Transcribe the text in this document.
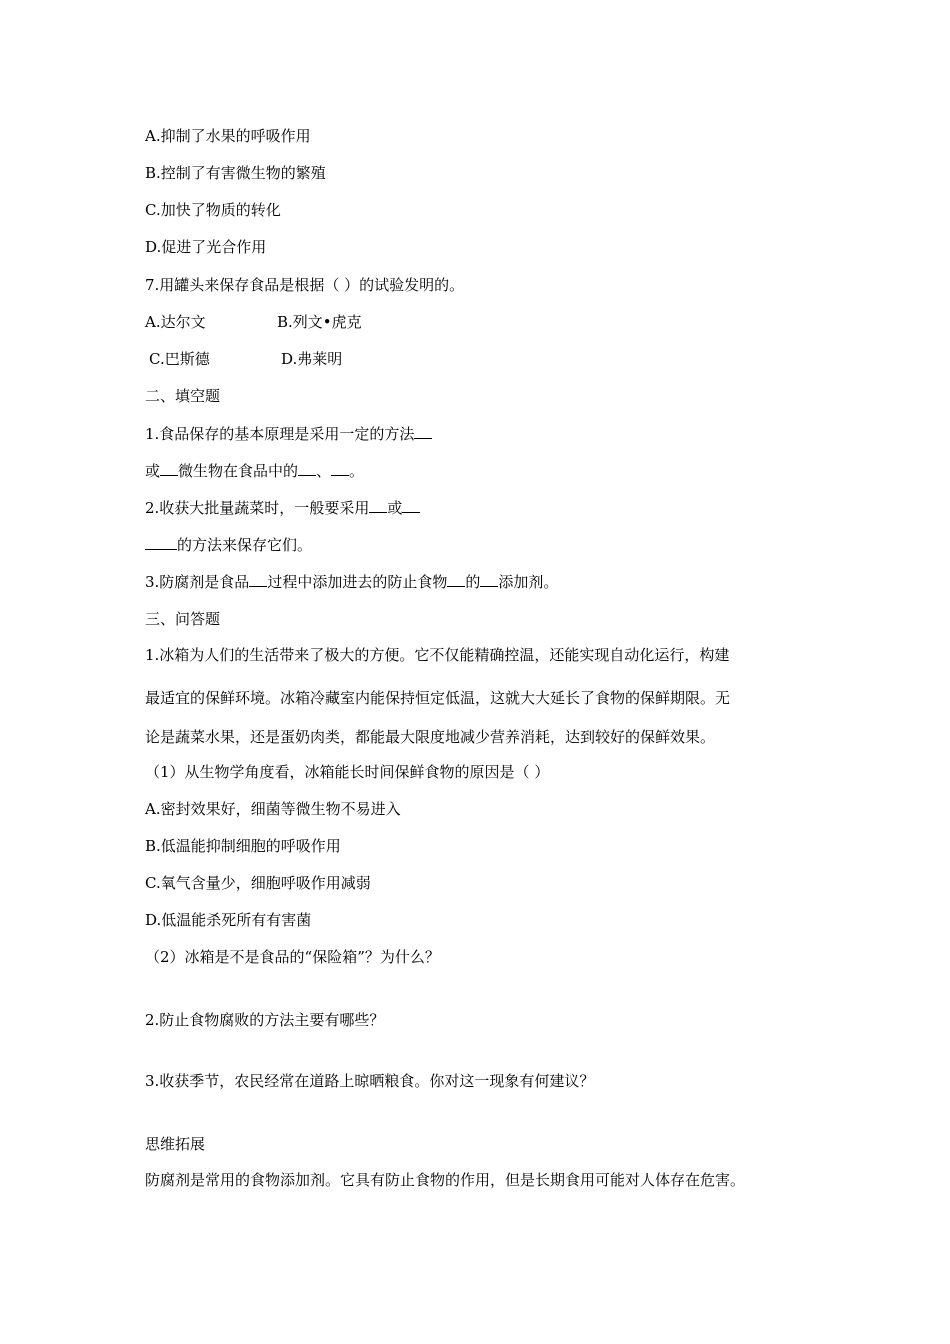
A.抑制了水果的呼吸作用
B.控制了有害微生物的繁殖
C.加快了物质的转化
D.促进了光合作用
7.用罐头来保存食品是根据（ ）的试验发明的。
A.达尔文	B.列文•虎克
C.巴斯德	D.弗莱明
二、填空题
1.食品保存的基本原理是采用一定的方法
或 微生物在食品中的 、 。
2.收获大批量蔬菜时，一般要采用 或
的方法来保存它们。
3.防腐剂是食品 过程中添加进去的防止食物 的 添加剂。
三、问答题
1.冰箱为人们的生活带来了极大的方便。它不仅能精确控温，还能实现自动化运行，构建
最适宜的保鲜环境。冰箱冷藏室内能保持恒定低温，这就大大延长了食物的保鲜期限。无
论是蔬菜水果，还是蛋奶肉类，都能最大限度地减少营养消耗，达到较好的保鲜效果。
（1）从生物学角度看，冰箱能长时间保鲜食物的原因是（ ）
A.密封效果好，细菌等微生物不易进入
B.低温能抑制细胞的呼吸作用
C.氧气含量少，细胞呼吸作用减弱
D.低温能杀死所有有害菌
（2）冰箱是不是食品的“保险箱”？为什么？
2.防止食物腐败的方法主要有哪些？
3.收获季节，农民经常在道路上晾晒粮食。你对这一现象有何建议？
思维拓展
防腐剂是常用的食物添加剂。它具有防止食物的作用，但是长期食用可能对人体存在危害。
